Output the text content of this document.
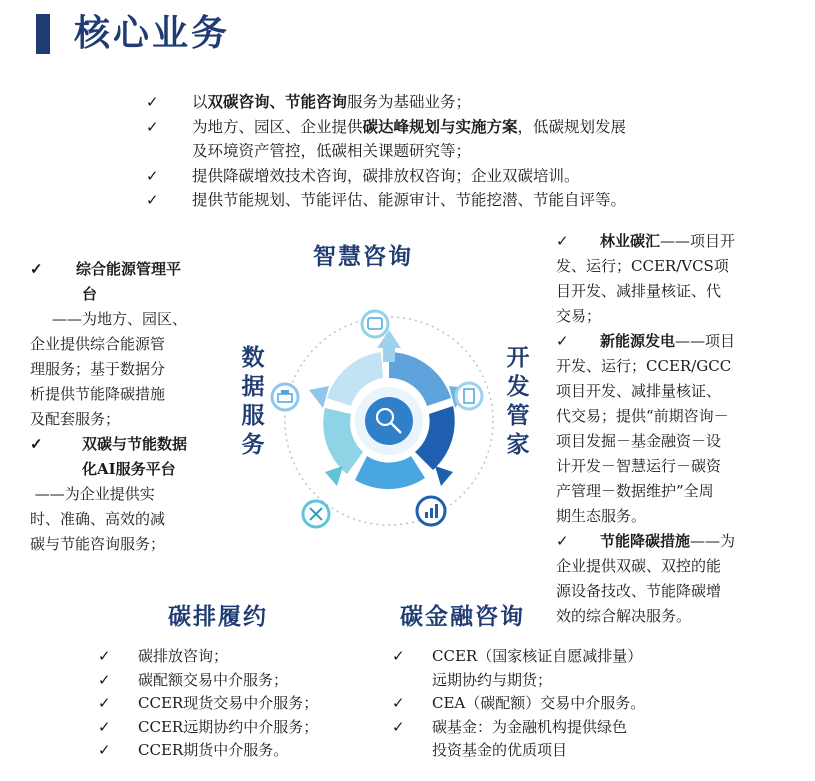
核心业务
✓ 以双碳咨询、节能咨询服务为基础业务；
✓ 为地方、园区、企业提供碳达峰规划与实施方案，低碳规划发展
及环境资产管控，低碳相关课题研究等；
✓ 提供降碳增效技术咨询，碳排放权咨询；企业双碳培训。
✓ 提供节能规划、节能评估、能源审计、节能挖潜、节能自评等。
智慧咨询
数
据
服
务
开
发
管
家
碳排履约	碳金融咨询
✓ 综合能源管理平
台
——为地方、园区、
企业提供综合能源管
理服务；基于数据分
析提供节能降碳措施
及配套服务；
✓	双碳与节能数据
化AI服务平台
——为企业提供实
时、准确、高效的减
碳与节能咨询服务；
✓ 林业碳汇——项目开
发、运行；CCER/VCS项
目开发、减排量核证、代
交易；
✓ 新能源发电——项目
开发、运行；CCER/GCC
项目开发、减排量核证、
代交易；提供“前期咨询－
项目发掘－基金融资－设
计开发－智慧运行－碳资
产管理－数据维护”全周
期生态服务。
✓ 节能降碳措施——为
企业提供双碳、双控的能
源设备技改、节能降碳增
效的综合解决服务。
✓ 碳排放咨询；
✓ 碳配额交易中介服务；
✓ CCER现货交易中介服务；
✓ CCER远期协约中介服务；
✓ CCER期货中介服务。
✓ CCER（国家核证自愿减排量）
远期协约与期货；
✓ CEA（碳配额）交易中介服务。
✓ 碳基金：为金融机构提供绿色
投资基金的优质项目
